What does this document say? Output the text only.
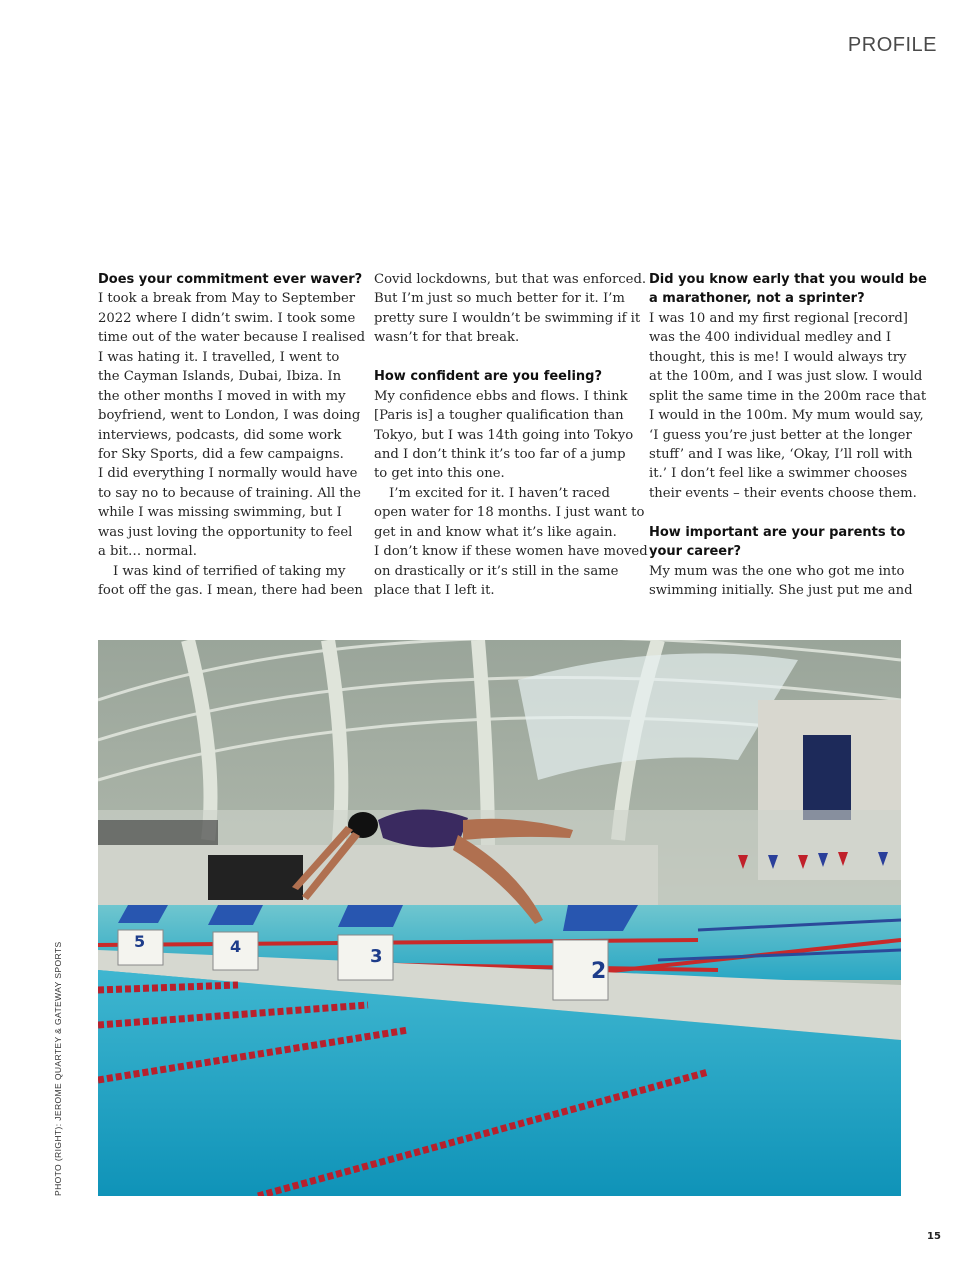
PROFILE
Does your commitment ever waver?
I took a break from May to September
2022 where I didn’t swim. I took some
time out of the water because I realised
I was hating it. I travelled, I went to
the Cayman Islands, Dubai, Ibiza. In
the other months I moved in with my
boyfriend, went to London, I was doing
interviews, podcasts, did some work
for Sky Sports, did a few campaigns.
I did everything I normally would have
to say no to because of training. All the
while I was missing swimming, but I
was just loving the opportunity to feel
a bit… normal.
I was kind of terrified of taking my
foot off the gas. I mean, there had been
Covid lockdowns, but that was enforced.
But I’m just so much better for it. I’m
pretty sure I wouldn’t be swimming if it
wasn’t for that break.
How confident are you feeling?
My confidence ebbs and flows. I think
[Paris is] a tougher qualification than
Tokyo, but I was 14th going into Tokyo
and I don’t think it’s too far of a jump
to get into this one.
I’m excited for it. I haven’t raced
open water for 18 months. I just want to
get in and know what it’s like again.
I don’t know if these women have moved
on drastically or it’s still in the same
place that I left it.
Did you know early that you would be
a marathoner, not a sprinter?
I was 10 and my first regional [record]
was the 400 individual medley and I
thought, this is me! I would always try
at the 100m, and I was just slow. I would
split the same time in the 200m race that
I would in the 100m. My mum would say,
‘I guess you’re just better at the longer
stuff’ and I was like, ‘Okay, I’ll roll with
it.’ I don’t feel like a swimmer chooses
their events – their events choose them.
How important are your parents to
your career?
My mum was the one who got me into
swimming initially. She just put me and
5	4	3
2
PHOTO (RIGHT): JEROME QUARTEY & GATEWAY SPORTS
15
